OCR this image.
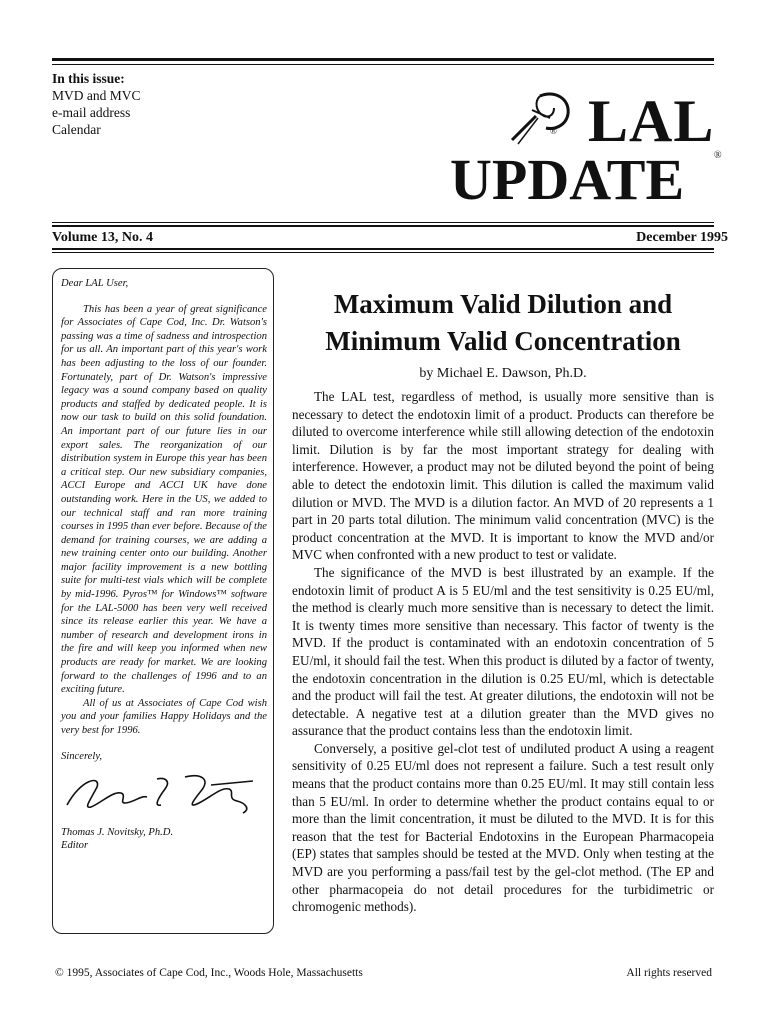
In this issue:
MVD and MVC
e-mail address
Calendar	® LAL
UPDATE	®
Volume 13, No. 4	December 1995

Dear LAL User,

This has been a year of great significance for Associates of Cape Cod, Inc. Dr. Watson's passing was a time of sadness and introspection for us all. An important part of this year's work has been adjusting to the loss of our founder. Fortunately, part of Dr. Watson's impressive legacy was a sound company based on quality products and staffed by dedicated people. It is now our task to build on this solid foundation. An important part of our future lies in our export sales. The reorganization of our distribution system in Europe this year has been a critical step. Our new subsidiary companies, ACCI Europe and ACCI UK have done outstanding work. Here in the US, we added to our technical staff and ran more training courses in 1995 than ever before. Because of the demand for training courses, we are adding a new training center onto our building. Another major facility improvement is a new bottling suite for multi-test vials which will be complete by mid-1996. Pyros™ for Windows™ software for the LAL-5000 has been very well received since its release earlier this year. We have a number of research and development irons in the fire and will keep you informed when new products are ready for market. We are looking forward to the challenges of 1996 and to an exciting future.

All of us at Associates of Cape Cod wish you and your families Happy Holidays and the very best for 1996.

Sincerely,

Thomas J. Novitsky, Ph.D.

Editor

Maximum Valid Dilution and Minimum Valid Concentration
by Michael E. Dawson, Ph.D.

The LAL test, regardless of method, is usually more sensitive than is necessary to detect the endotoxin limit of a product. Products can therefore be diluted to overcome interference while still allowing detection of the endotoxin limit. Dilution is by far the most important strategy for dealing with interference. However, a product may not be diluted beyond the point of being able to detect the endotoxin limit. This dilution is called the maximum valid dilution or MVD. The MVD is a dilution factor. An MVD of 20 represents a 1 part in 20 parts total dilution. The minimum valid concentration (MVC) is the product concentration at the MVD. It is important to know the MVD and/or MVC when confronted with a new product to test or validate.

The significance of the MVD is best illustrated by an example. If the endotoxin limit of product A is 5 EU/ml and the test sensitivity is 0.25 EU/ml, the method is clearly much more sensitive than is necessary to detect the limit. It is twenty times more sensitive than necessary. This factor of twenty is the MVD. If the product is contaminated with an endotoxin concentration of 5 EU/ml, it should fail the test. When this product is diluted by a factor of twenty, the endotoxin concentration in the dilution is 0.25 EU/ml, which is detectable and the product will fail the test. At greater dilutions, the endotoxin will not be detectable. A negative test at a dilution greater than the MVD gives no assurance that the product contains less than the endotoxin limit.

Conversely, a positive gel-clot test of undiluted product A using a reagent sensitivity of 0.25 EU/ml does not represent a failure. Such a test result only means that the product contains more than 0.25 EU/ml. It may still contain less than 5 EU/ml. In order to determine whether the product contains equal to or more than the limit concentration, it must be diluted to the MVD. It is for this reason that the test for Bacterial Endotoxins in the European Pharmacopeia (EP) states that samples should be tested at the MVD. Only when testing at the MVD are you performing a pass/fail test by the gel-clot method. (The EP and other pharmacopeia do not detail procedures for the turbidimetric or chromogenic methods).

© 1995, Associates of Cape Cod, Inc., Woods Hole, Massachusetts	All rights reserved
